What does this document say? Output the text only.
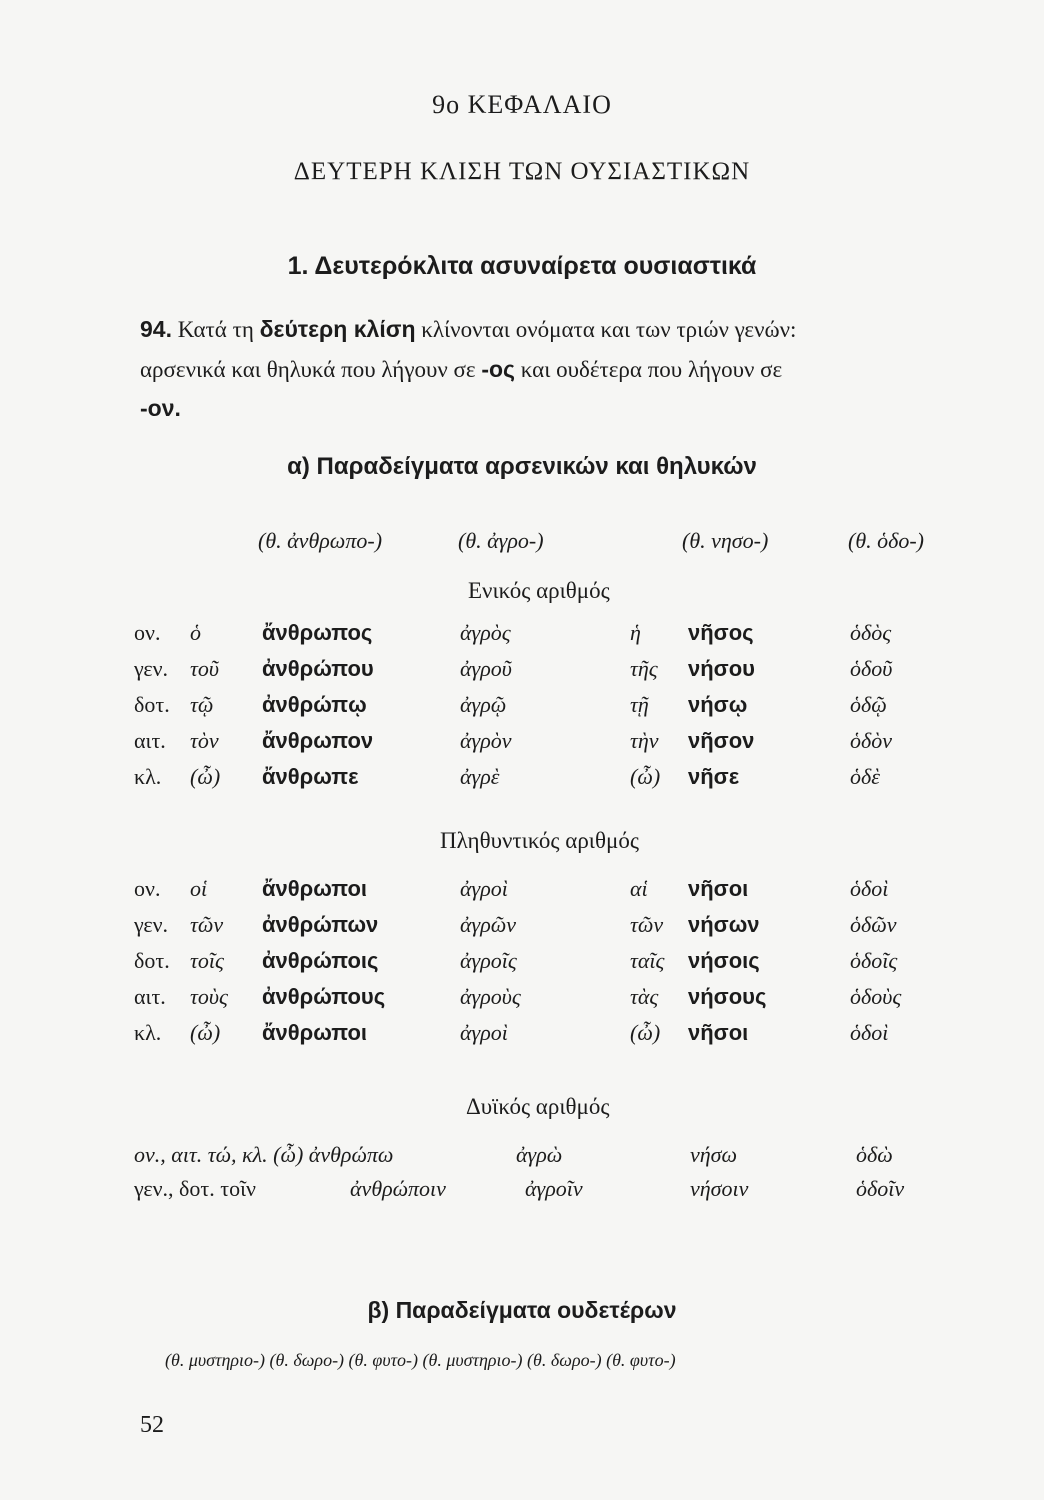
9ο ΚΕΦΑΛΑΙΟ
ΔΕΥΤΕΡΗ ΚΛΙΣΗ ΤΩΝ ΟΥΣΙΑΣΤΙΚΩΝ
1. Δευτερόκλιτα ασυναίρετα ουσιαστικά
94. Κατά τη δεύτερη κλίση κλίνονται ονόματα και των τριών γενών:
αρσενικά και θηλυκά που λήγουν σε -ος και ουδέτερα που λήγουν σε
-ον.
α) Παραδείγματα αρσενικών και θηλυκών
(θ. ἀνθρωπο-)	(θ. ἀγρο-)	(θ. νησο-)	(θ. ὁδο-)
Ενικός αριθμός
ον. ὁ	ἄνθρωπος	ἀγρὸς	ἡ νῆσος	ὁδὸς
γεν. τοῦ ἀνθρώπου	ἀγροῦ	τῆς νήσου	ὁδοῦ
δοτ. τῷ ἀνθρώπῳ	ἀγρῷ	τῇ νήσῳ	ὁδῷ
αιτ. τὸν ἄνθρωπον	ἀγρὸν	τὴν νῆσον	ὁδὸν
κλ. (ὦ) ἄνθρωπε	ἀγρὲ	(ὦ) νῆσε	ὁδὲ
Πληθυντικός αριθμός
ον. οἱ ἄνθρωποι	ἀγροὶ	αἱ νῆσοι	ὁδοὶ
γεν. τῶν ἀνθρώπων	ἀγρῶν	τῶν νήσων	ὁδῶν
δοτ. τοῖς ἀνθρώποις	ἀγροῖς	ταῖς νήσοις	ὁδοῖς
αιτ. τοὺς ἀνθρώπους	ἀγροὺς	τὰς νήσους	ὁδοὺς
κλ. (ὦ) ἄνθρωποι	ἀγροὶ	(ὦ) νῆσοι	ὁδοὶ
Δυϊκός αριθμός
ον., αιτ. τώ, κλ. (ὦ) ἀνθρώπω	ἀγρὼ	νήσω	ὁδὼ
γεν., δοτ. τοῖν	ἀνθρώποιν	ἀγροῖν	νήσοιν	ὁδοῖν
β) Παραδείγματα ουδετέρων
(θ. μυστηριο-) (θ. δωρο-) (θ. φυτο-) (θ. μυστηριο-) (θ. δωρο-) (θ. φυτο-)
52
